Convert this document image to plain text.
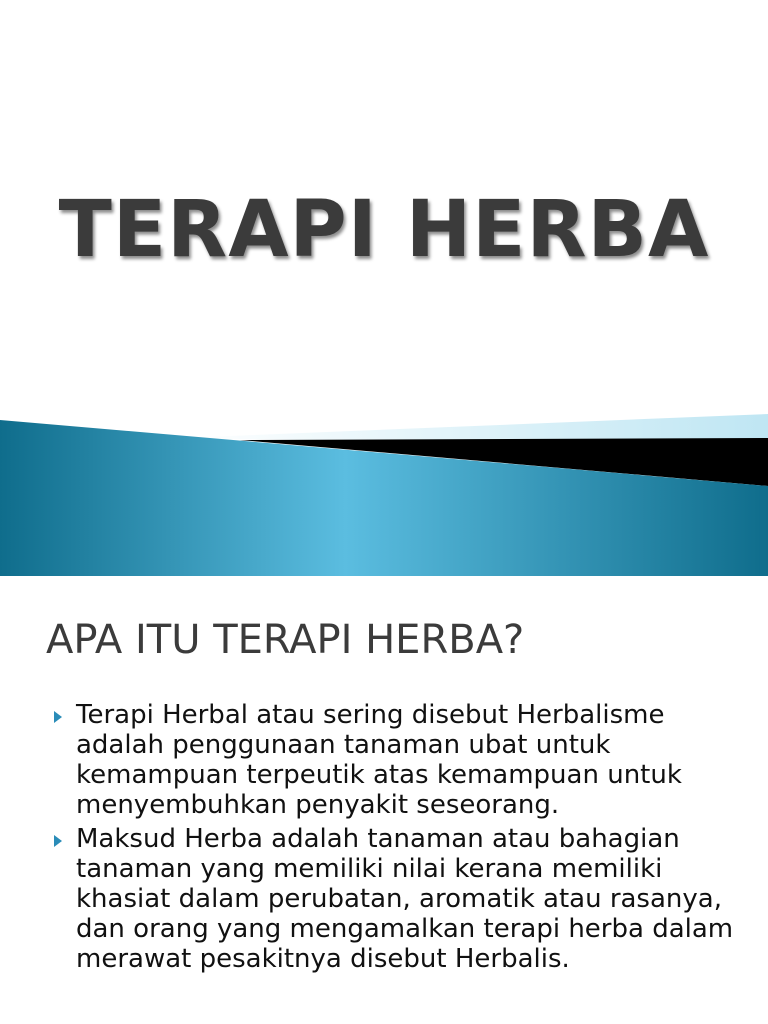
TERAPI HERBA
APA ITU TERAPI HERBA?
Terapi Herbal atau sering disebut Herbalisme adalah penggunaan tanaman ubat untuk kemampuan terpeutik atas kemampuan untuk menyembuhkan penyakit seseorang.
Maksud Herba adalah tanaman atau bahagian tanaman yang memiliki nilai kerana memiliki khasiat dalam perubatan, aromatik atau rasanya, dan orang yang mengamalkan terapi herba dalam merawat pesakitnya disebut Herbalis.
